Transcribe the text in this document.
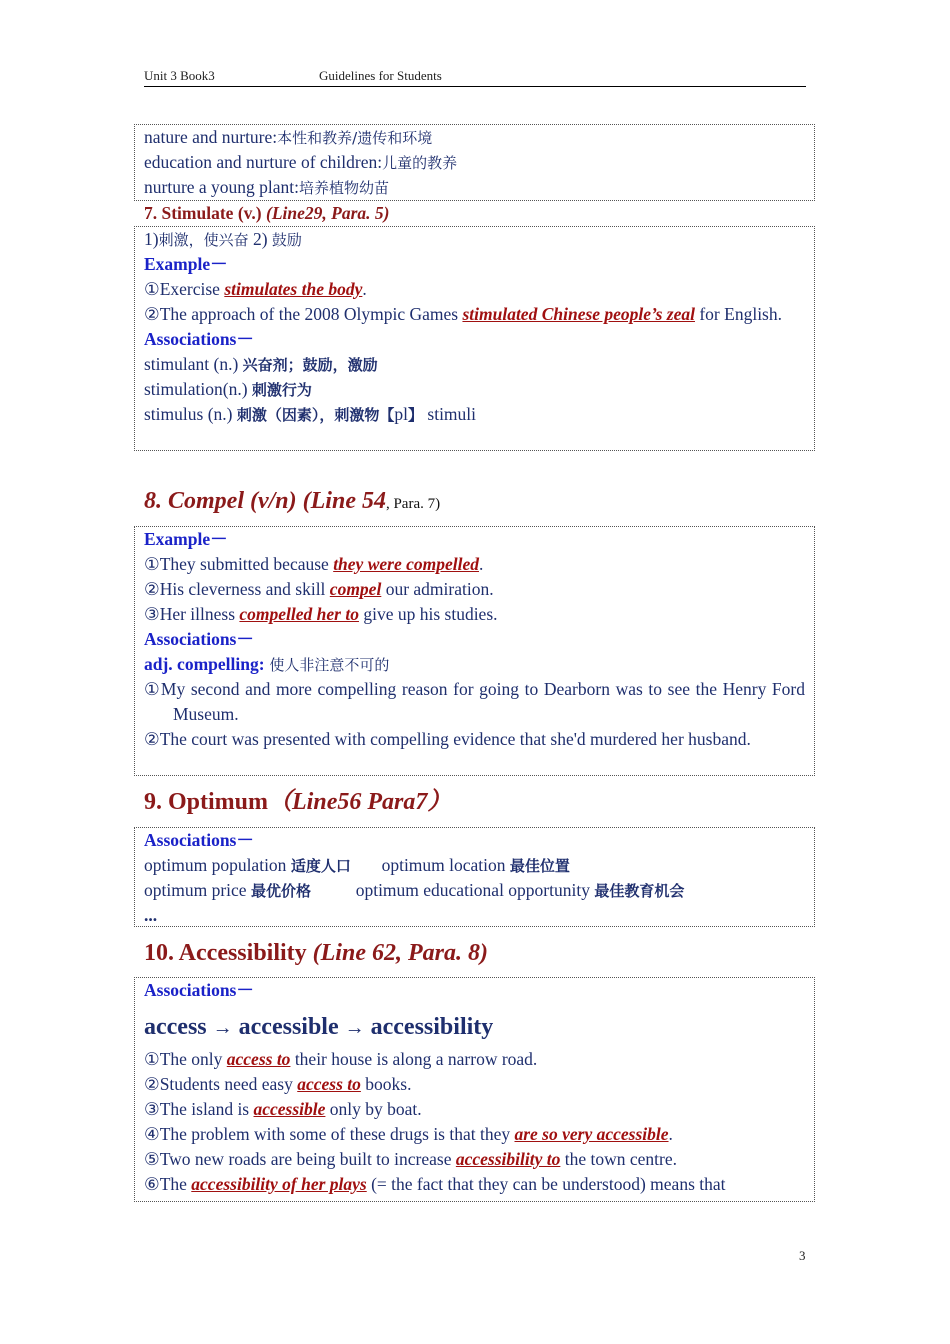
Unit 3 Book3	Guidelines for Students
nature and nurture:本性和教养/遗传和环境
education and nurture of children:儿童的教养
nurture a young plant:培养植物幼苗
7. Stimulate (v.) (Line29, Para. 5)
1)刺激，使兴奋 2) 鼓励
Example－
①Exercise stimulates the body.
②The approach of the 2008 Olympic Games stimulated Chinese people’s zeal for English.
Associations－
stimulant (n.) 兴奋剂；鼓励，激励
stimulation(n.) 刺激行为
stimulus (n.) 刺激（因素），刺激物【pl】 stimuli
8. Compel (v/n) (Line 54, Para. 7)
Example－
①They submitted because they were compelled.
②His cleverness and skill compel our admiration.
③Her illness compelled her to give up his studies.
Associations－
adj. compelling: 使人非注意不可的
①My second and more compelling reason for going to Dearborn was to see the Henry Ford Museum.
②The court was presented with compelling evidence that she'd murdered her husband.
9. Optimum（Line56 Para7）
Associations－
optimum population 适度人口 optimum location 最佳位置
optimum price 最优价格	optimum educational opportunity 最佳教育机会
...
10. Accessibility (Line 62, Para. 8)
Associations－
access → accessible → accessibility
①The only access to their house is along a narrow road.
②Students need easy access to books.
③The island is accessible only by boat.
④The problem with some of these drugs is that they are so very accessible.
⑤Two new roads are being built to increase accessibility to the town centre.
⑥The accessibility of her plays (= the fact that they can be understood) means that
3
